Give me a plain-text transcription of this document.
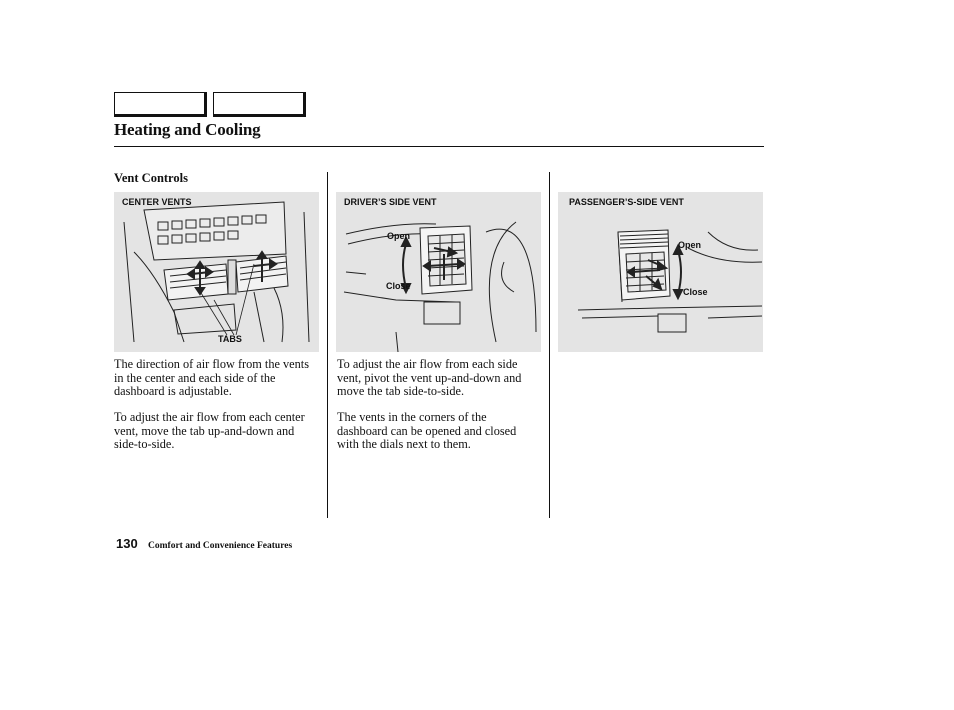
Heating and Cooling
Vent Controls
CENTER VENTS
TABS
The direction of air flow from the vents in the center and each side of the dashboard is adjustable.
To adjust the air flow from each center vent, move the tab up-and-down and side-to-side.
DRIVER’S SIDE VENT
Open
Close
To adjust the air flow from each side vent, pivot the vent up-and-down and move the tab side-to-side.
The vents in the corners of the dashboard can be opened and closed with the dials next to them.
PASSENGER’S-SIDE VENT
Open
Close
130 Comfort and Convenience Features
